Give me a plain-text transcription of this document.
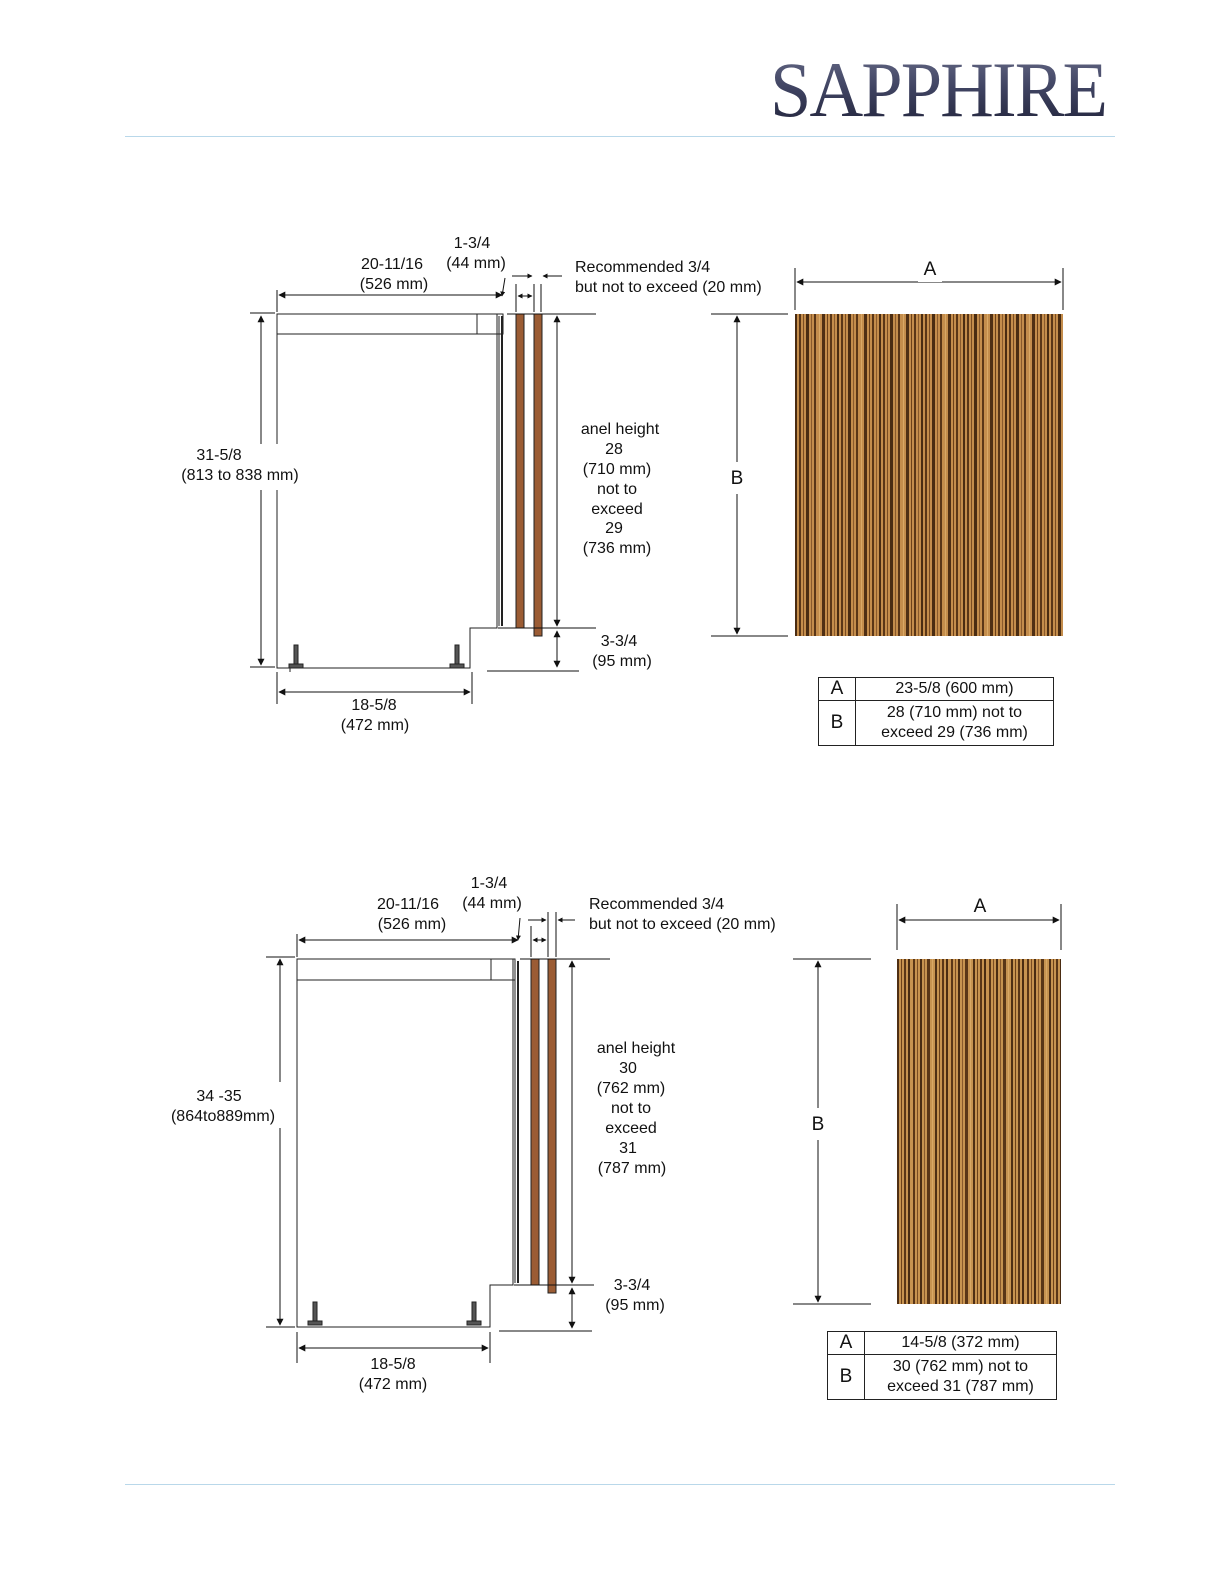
SAPPHIRE
1-3/4
(44 mm)
20-11/16
(526 mm)
Recommended 3/4
but not to exceed (20 mm)
31-5/8
(813 to 838 mm)
anel height
28
(710 mm)
not to
exceed
29
(736 mm)
3-3/4
(95 mm)
18-5/8
(472 mm)
A
B
A	23-5/8 (600 mm)
B	28 (710 mm) not to
exceed 29 (736 mm)
1-3/4
(44 mm)
20-11/16
(526 mm)
Recommended 3/4
but not to exceed (20 mm)
34 -35
(864to889mm)
anel height
30
(762 mm)
not to
exceed
31
(787 mm)
3-3/4
(95 mm)
18-5/8
(472 mm)
A
B
A	14-5/8 (372 mm)
B	30 (762 mm) not to
exceed 31 (787 mm)
